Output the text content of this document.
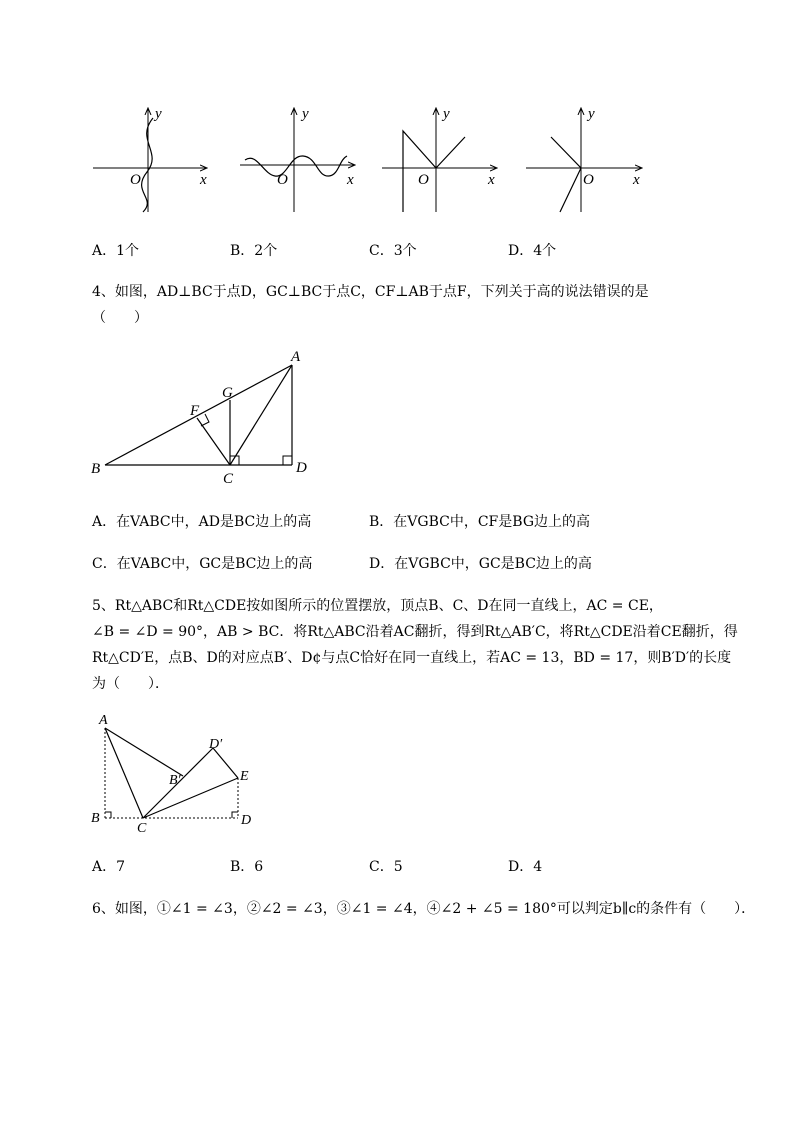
y
x
O
y
x
O
y
x
O
y
x
O
A．1个	B．2个	C．3个	D．4个
4、如图，AD⊥BC于点D，GC⊥BC于点C，CF⊥AB于点F，下列关于高的说法错误的是
（　　）
A
B
C
D
F
G
A．在VABC中，AD是BC边上的高	B．在VGBC中，CF是BG边上的高
C．在VABC中，GC是BC边上的高	D．在VGBC中，GC是BC边上的高
5、Rt△ABC和Rt△CDE按如图所示的位置摆放，顶点B、C、D在同一直线上，AC = CE，
∠B = ∠D = 90°，AB > BC．将Rt△ABC沿着AC翻折，得到Rt△AB′C，将Rt△CDE沿着CE翻折，得
Rt△CD′E，点B、D的对应点B′、D¢与点C恰好在同一直线上，若AC = 13，BD = 17，则B′D′的长度
为（　　）．
A
B
C
D
E
B′
D′
A．7	B．6	C．5	D．4
6、如图，①∠1 = ∠3，②∠2 = ∠3，③∠1 = ∠4，④∠2 + ∠5 = 180°可以判定b∥c的条件有（　　）．
